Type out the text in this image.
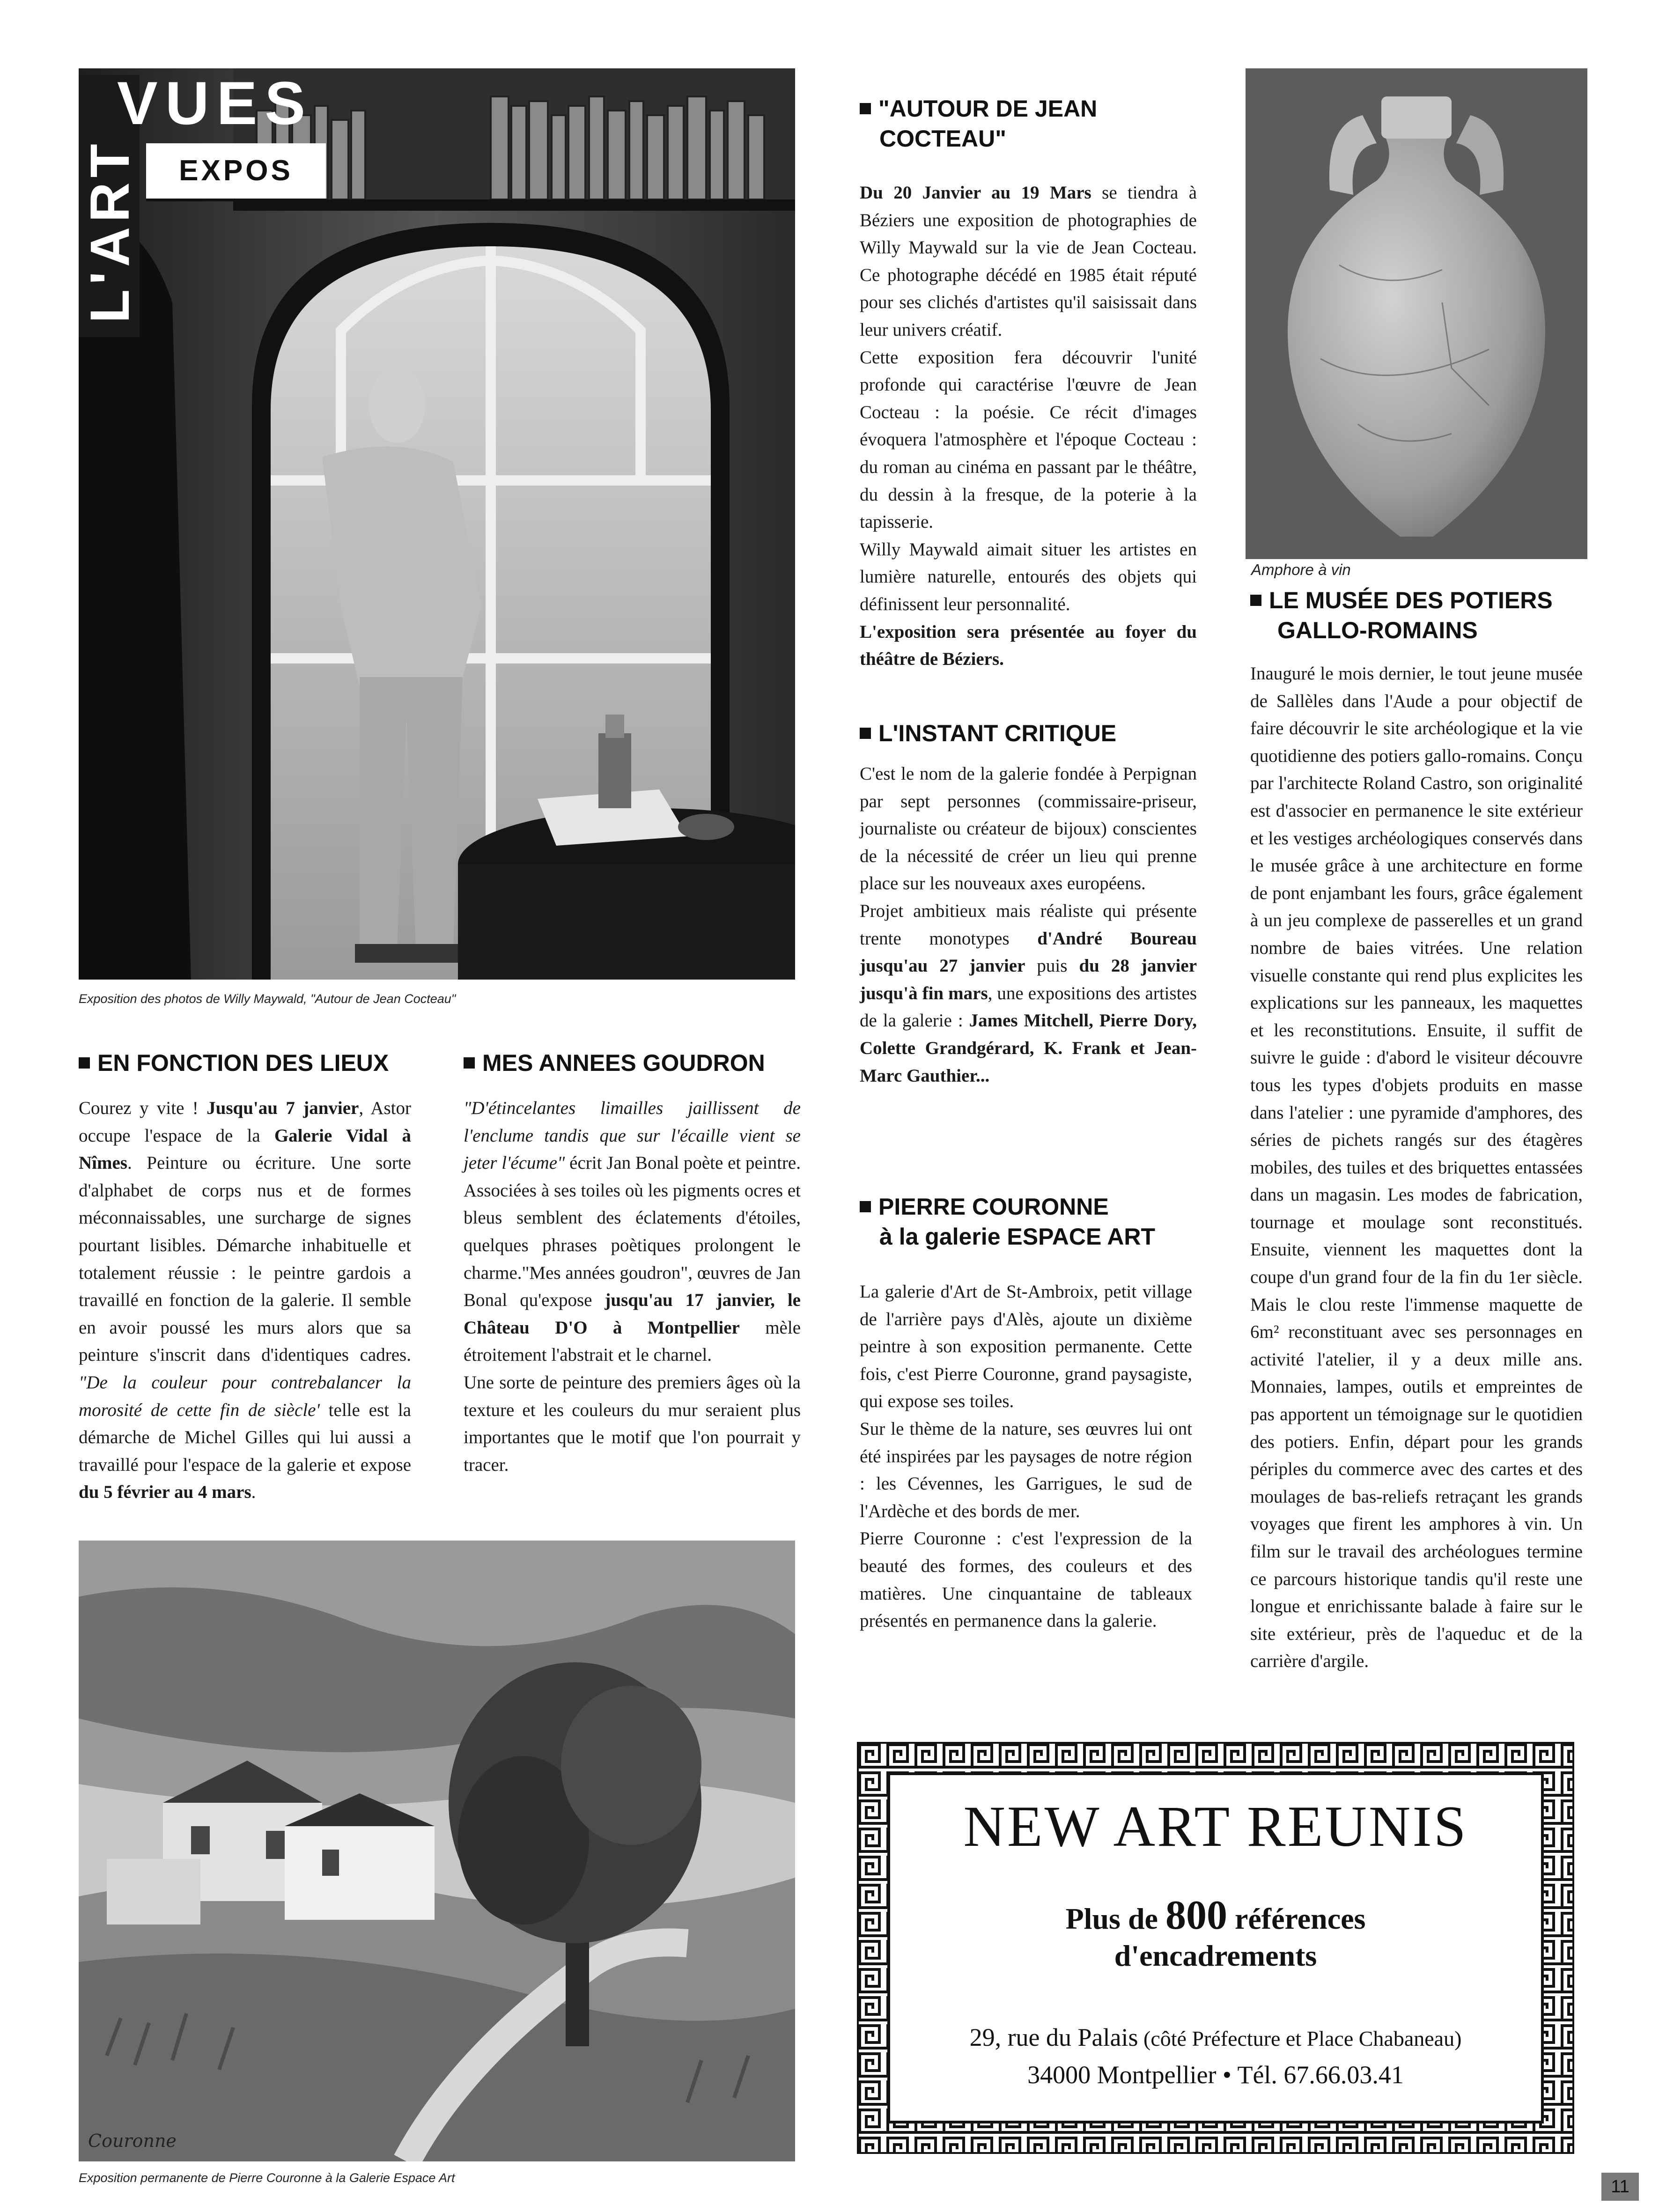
L'ART
VUES
EXPOS
Exposition des photos de Willy Maywald, "Autour de Jean Cocteau"
EN FONCTION DES LIEUX

Courez y vite ! Jusqu'au 7 janvier, Astor occupe l'espace de la Galerie Vidal à Nîmes. Peinture ou écriture. Une sorte d'alphabet de corps nus et de formes méconnaissables, une surcharge de signes pourtant lisibles. Démarche inhabituelle et totalement réussie : le peintre gardois a travaillé en fonction de la galerie. Il semble en avoir poussé les murs alors que sa peinture s'inscrit dans d'identiques cadres. "De la couleur pour contrebalancer la morosité de cette fin de siècle' telle est la démarche de Michel Gilles qui lui aussi a travaillé pour l'espace de la galerie et expose du 5 février au 4 mars.

MES ANNEES GOUDRON

"D'étincelantes limailles jaillissent de l'enclume tandis que sur l'écaille vient se jeter l'écume" écrit Jan Bonal poète et peintre. Associées à ses toiles où les pigments ocres et bleus semblent des éclatements d'étoiles, quelques phrases poètiques prolongent le charme."Mes années goudron", œuvres de Jan Bonal qu'expose jusqu'au 17 janvier, le Château D'O à Montpellier mèle étroitement l'abstrait et le charnel.

Une sorte de peinture des premiers âges où la texture et les couleurs du mur seraient plus importantes que le motif que l'on pourrait y tracer.

Couronne
Exposition permanente de Pierre Couronne à la Galerie Espace Art
"AUTOUR DE JEAN
COCTEAU"

Du 20 Janvier au 19 Mars se tiendra à Béziers une exposition de photographies de Willy Maywald sur la vie de Jean Cocteau. Ce photographe décédé en 1985 était réputé pour ses clichés d'artistes qu'il saisissait dans leur univers créatif.

Cette exposition fera découvrir l'unité profonde qui caractérise l'œuvre de Jean Cocteau : la poésie. Ce récit d'images évoquera l'atmosphère et l'époque Cocteau : du roman au cinéma en passant par le théâtre, du dessin à la fresque, de la poterie à la tapisserie.

Willy Maywald aimait situer les artistes en lumière naturelle, entourés des objets qui définissent leur personnalité.

L'exposition sera présentée au foyer du théâtre de Béziers.

L'INSTANT CRITIQUE

C'est le nom de la galerie fondée à Perpignan par sept personnes (commissaire-priseur, journaliste ou créateur de bijoux) conscientes de la nécessité de créer un lieu qui prenne place sur les nouveaux axes européens.

Projet ambitieux mais réaliste qui présente trente monotypes d'André Boureau jusqu'au 27 janvier puis du 28 janvier jusqu'à fin mars, une expositions des artistes de la galerie : James Mitchell, Pierre Dory, Colette Grandgérard, K. Frank et Jean-Marc Gauthier...

PIERRE COURONNE
à la galerie ESPACE ART

La galerie d'Art de St-Ambroix, petit village de l'arrière pays d'Alès, ajoute un dixième peintre à son exposition permanente. Cette fois, c'est Pierre Couronne, grand paysagiste, qui expose ses toiles.

Sur le thème de la nature, ses œuvres lui ont été inspirées par les paysages de notre région : les Cévennes, les Garrigues, le sud de l'Ardèche et des bords de mer.

Pierre Couronne : c'est l'expression de la beauté des formes, des couleurs et des matières. Une cinquantaine de tableaux présentés en permanence dans la galerie.

Amphore à vin
LE MUSÉE DES POTIERS
GALLO-ROMAINS

Inauguré le mois dernier, le tout jeune musée de Sallèles dans l'Aude a pour objectif de faire découvrir le site archéologique et la vie quotidienne des potiers gallo-romains. Conçu par l'architecte Roland Castro, son originalité est d'associer en permanence le site extérieur et les vestiges archéologiques conservés dans le musée grâce à une architecture en forme de pont enjambant les fours, grâce également à un jeu complexe de passerelles et un grand nombre de baies vitrées. Une relation visuelle constante qui rend plus explicites les explications sur les panneaux, les maquettes et les reconstitutions. Ensuite, il suffit de suivre le guide : d'abord le visiteur découvre tous les types d'objets produits en masse dans l'atelier : une pyramide d'amphores, des séries de pichets rangés sur des étagères mobiles, des tuiles et des briquettes entassées dans un magasin. Les modes de fabrication, tournage et moulage sont reconstitués. Ensuite, viennent les maquettes dont la coupe d'un grand four de la fin du 1er siècle. Mais le clou reste l'immense maquette de 6m² reconstituant avec ses personnages en activité l'atelier, il y a deux mille ans. Monnaies, lampes, outils et empreintes de pas apportent un témoignage sur le quotidien des potiers. Enfin, départ pour les grands périples du commerce avec des cartes et des moulages de bas-reliefs retraçant les grands voyages que firent les amphores à vin. Un film sur le travail des archéologues termine ce parcours historique tandis qu'il reste une longue et enrichissante balade à faire sur le site extérieur, près de l'aqueduc et de la carrière d'argile.

NEW ART REUNIS
Plus de 800 références
d'encadrements
29, rue du Palais (côté Préfecture et Place Chabaneau)
34000 Montpellier • Tél. 67.66.03.41
11
